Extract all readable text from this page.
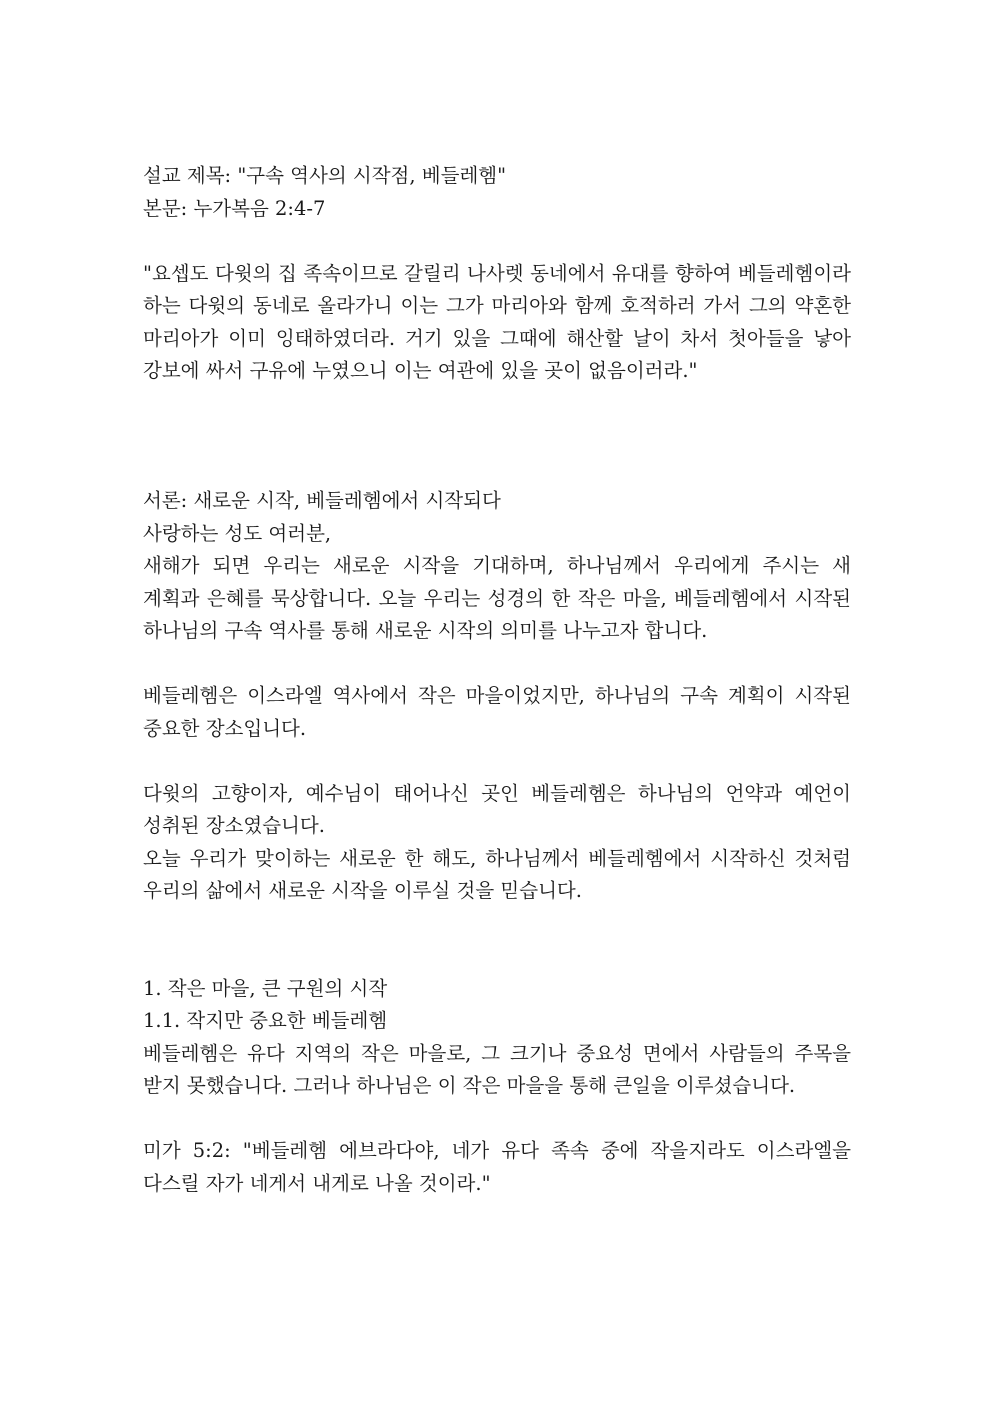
설교 제목: "구속 역사의 시작점, 베들레헴"
본문: 누가복음 2:4-7

"요셉도 다윗의 집 족속이므로 갈릴리 나사렛 동네에서 유대를 향하여 베들레헴이라 하는 다윗의 동네로 올라가니 이는 그가 마리아와 함께 호적하러 가서 그의 약혼한 마리아가 이미 잉태하였더라. 거기 있을 그때에 해산할 날이 차서 첫아들을 낳아 강보에 싸서 구유에 누였으니 이는 여관에 있을 곳이 없음이러라."

서론: 새로운 시작, 베들레헴에서 시작되다
사랑하는 성도 여러분,

새해가 되면 우리는 새로운 시작을 기대하며, 하나님께서 우리에게 주시는 새 계획과 은혜를 묵상합니다. 오늘 우리는 성경의 한 작은 마을, 베들레헴에서 시작된 하나님의 구속 역사를 통해 새로운 시작의 의미를 나누고자 합니다.

베들레헴은 이스라엘 역사에서 작은 마을이었지만, 하나님의 구속 계획이 시작된 중요한 장소입니다.

다윗의 고향이자, 예수님이 태어나신 곳인 베들레헴은 하나님의 언약과 예언이 성취된 장소였습니다.

오늘 우리가 맞이하는 새로운 한 해도, 하나님께서 베들레헴에서 시작하신 것처럼 우리의 삶에서 새로운 시작을 이루실 것을 믿습니다.

1. 작은 마을, 큰 구원의 시작
1.1. 작지만 중요한 베들레헴

베들레헴은 유다 지역의 작은 마을로, 그 크기나 중요성 면에서 사람들의 주목을 받지 못했습니다. 그러나 하나님은 이 작은 마을을 통해 큰일을 이루셨습니다.

미가 5:2: "베들레헴 에브라다야, 네가 유다 족속 중에 작을지라도 이스라엘을 다스릴 자가 네게서 내게로 나올 것이라."
